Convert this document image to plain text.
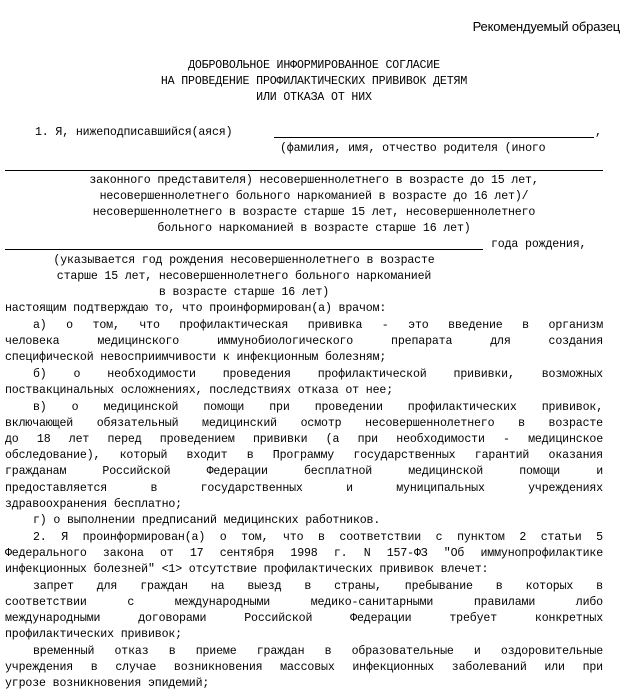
Рекомендуемый образец
ДОБРОВОЛЬНОЕ ИНФОРМИРОВАННОЕ СОГЛАСИЕ
НА ПРОВЕДЕНИЕ ПРОФИЛАКТИЧЕСКИХ ПРИВИВОК ДЕТЯМ
ИЛИ ОТКАЗА ОТ НИХ
1. Я, нижеподписавшийся(аяся)	,
(фамилия, имя, отчество родителя (иного
законного представителя) несовершеннолетнего в возрасте до 15 лет,
несовершеннолетнего больного наркоманией в возрасте до 16 лет)/
несовершеннолетнего в возрасте старше 15 лет, несовершеннолетнего
больного наркоманией в возрасте старше 16 лет)
года рождения,
(указывается год рождения несовершеннолетнего в возрасте
старше 15 лет, несовершеннолетнего больного наркоманией
в возрасте старше 16 лет)
настоящим подтверждаю то, что проинформирован(а) врачом:
а) о том, что профилактическая прививка - это введение в организм
человека медицинского иммунобиологического препарата для создания
специфической невосприимчивости к инфекционным болезням;
б) о необходимости проведения профилактической прививки, возможных
поствакцинальных осложнениях, последствиях отказа от нее;
в) о медицинской помощи при проведении профилактических прививок,
включающей обязательный медицинский осмотр несовершеннолетнего в возрасте
до 18 лет перед проведением прививки (а при необходимости - медицинское
обследование), который входит в Программу государственных гарантий оказания
гражданам Российской Федерации бесплатной медицинской помощи и
предоставляется в государственных и муниципальных учреждениях
здравоохранения бесплатно;
г) о выполнении предписаний медицинских работников.
2. Я проинформирован(а) о том, что в соответствии с пунктом 2 статьи 5
Федерального закона от 17 сентября 1998 г. N 157-ФЗ "Об иммунопрофилактике
инфекционных болезней" <1> отсутствие профилактических прививок влечет:
запрет для граждан на выезд в страны, пребывание в которых в
соответствии с международными медико-санитарными правилами либо
международными договорами Российской Федерации требует конкретных
профилактических прививок;
временный отказ в приеме граждан в образовательные и оздоровительные
учреждения в случае возникновения массовых инфекционных заболеваний или при
угрозе возникновения эпидемий;
